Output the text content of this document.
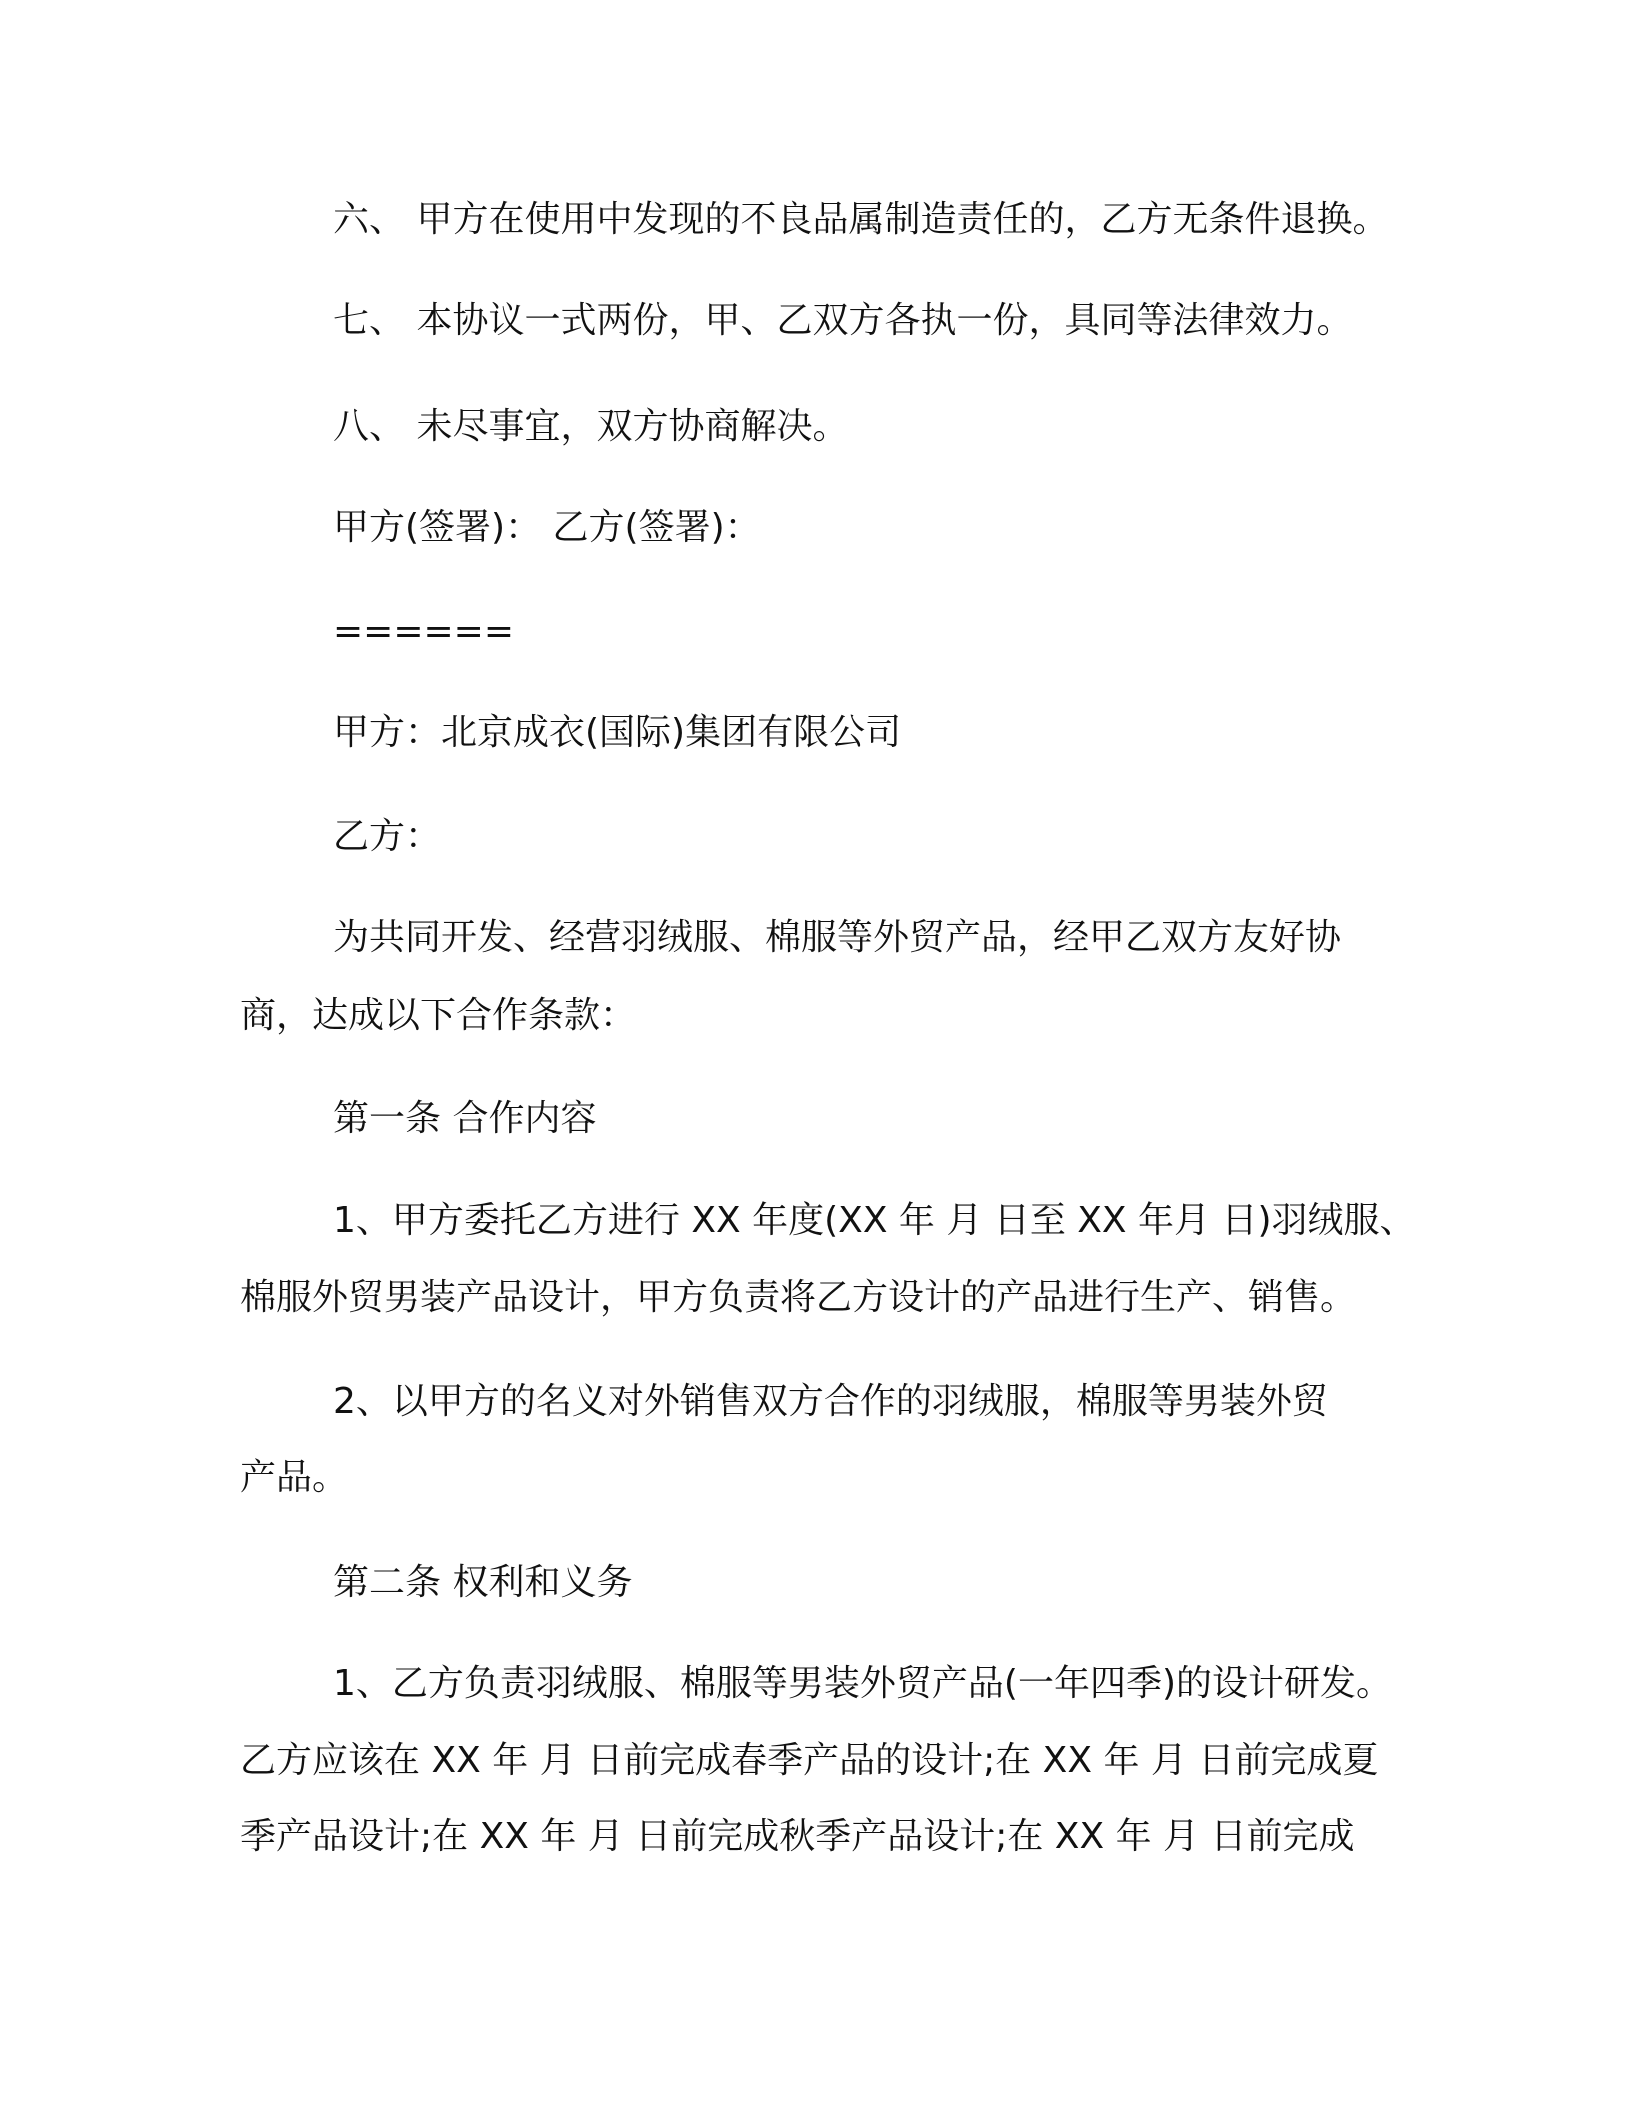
六、 甲方在使用中发现的不良品属制造责任的，乙方无条件退换。
七、 本协议一式两份，甲、乙双方各执一份，具同等法律效力。
八、 未尽事宜，双方协商解决。
甲方(签署)： 乙方(签署)：
======
甲方：北京成衣(国际)集团有限公司
乙方：
为共同开发、经营羽绒服、棉服等外贸产品，经甲乙双方友好协
商，达成以下合作条款：
第一条 合作内容
1、甲方委托乙方进行 XX 年度(XX 年 月 日至 XX 年月 日)羽绒服、
棉服外贸男装产品设计，甲方负责将乙方设计的产品进行生产、销售。
2、以甲方的名义对外销售双方合作的羽绒服，棉服等男装外贸
产品。
第二条 权利和义务
1、乙方负责羽绒服、棉服等男装外贸产品(一年四季)的设计研发。
乙方应该在 XX 年 月 日前完成春季产品的设计;在 XX 年 月 日前完成夏
季产品设计;在 XX 年 月 日前完成秋季产品设计;在 XX 年 月 日前完成
